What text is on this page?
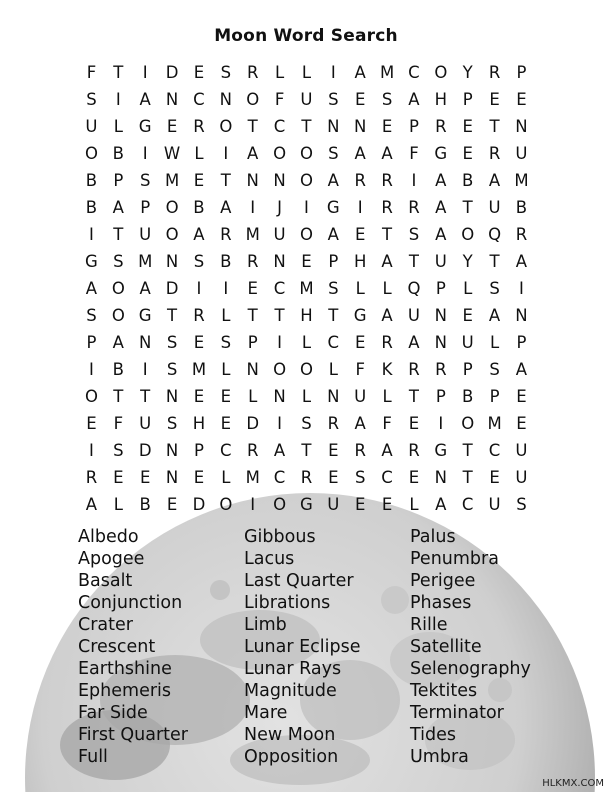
Moon Word Search
F	T	I	D E S R	L	L	I	A M C O Y R P
S	I	A N C N O F U S E S A H P	E E
U L G E R O T C T N N E	P R E	T N
O B	I W L	I	A O O S A A F G E R U
B P	S M E	T N N O A R R	I	A B A M
B A P O B A	I	J	I	G	I	R R A T U B
I	T U O A R M U O A E	T	S A O Q R
G S M N S B R N E	P H A T U Y	T A
A O A D	I	I	E C M S	L	L Q P	L	S	I
S O G T R	L	T	T H T G A U N E A N
P A N S E S	P	I	L	C E R A N U L	P
I	B	I	S M L N O O L	F	K R R P	S A
O T	T N E E	L N L N U L	T	P B P	E
E	F U S H E D	I	S R A F	E	I	O M E
I	S D N P C R A T	E R A R G T C U
R E E N E	L M C R E S C E N T	E U
A	L	B E D O	I	O G U E E	L	A C U S
Albedo
Apogee
Basalt
Conjunction
Crater
Crescent
Earthshine
Ephemeris
Far Side
First Quarter
Full
Gibbous
Lacus
Last Quarter
Librations
Limb
Lunar Eclipse
Lunar Rays
Magnitude
Mare
New Moon
Opposition
Palus
Penumbra
Perigee
Phases
Rille
Satellite
Selenography
Tektites
Terminator
Tides
Umbra
HLKMX.COM
